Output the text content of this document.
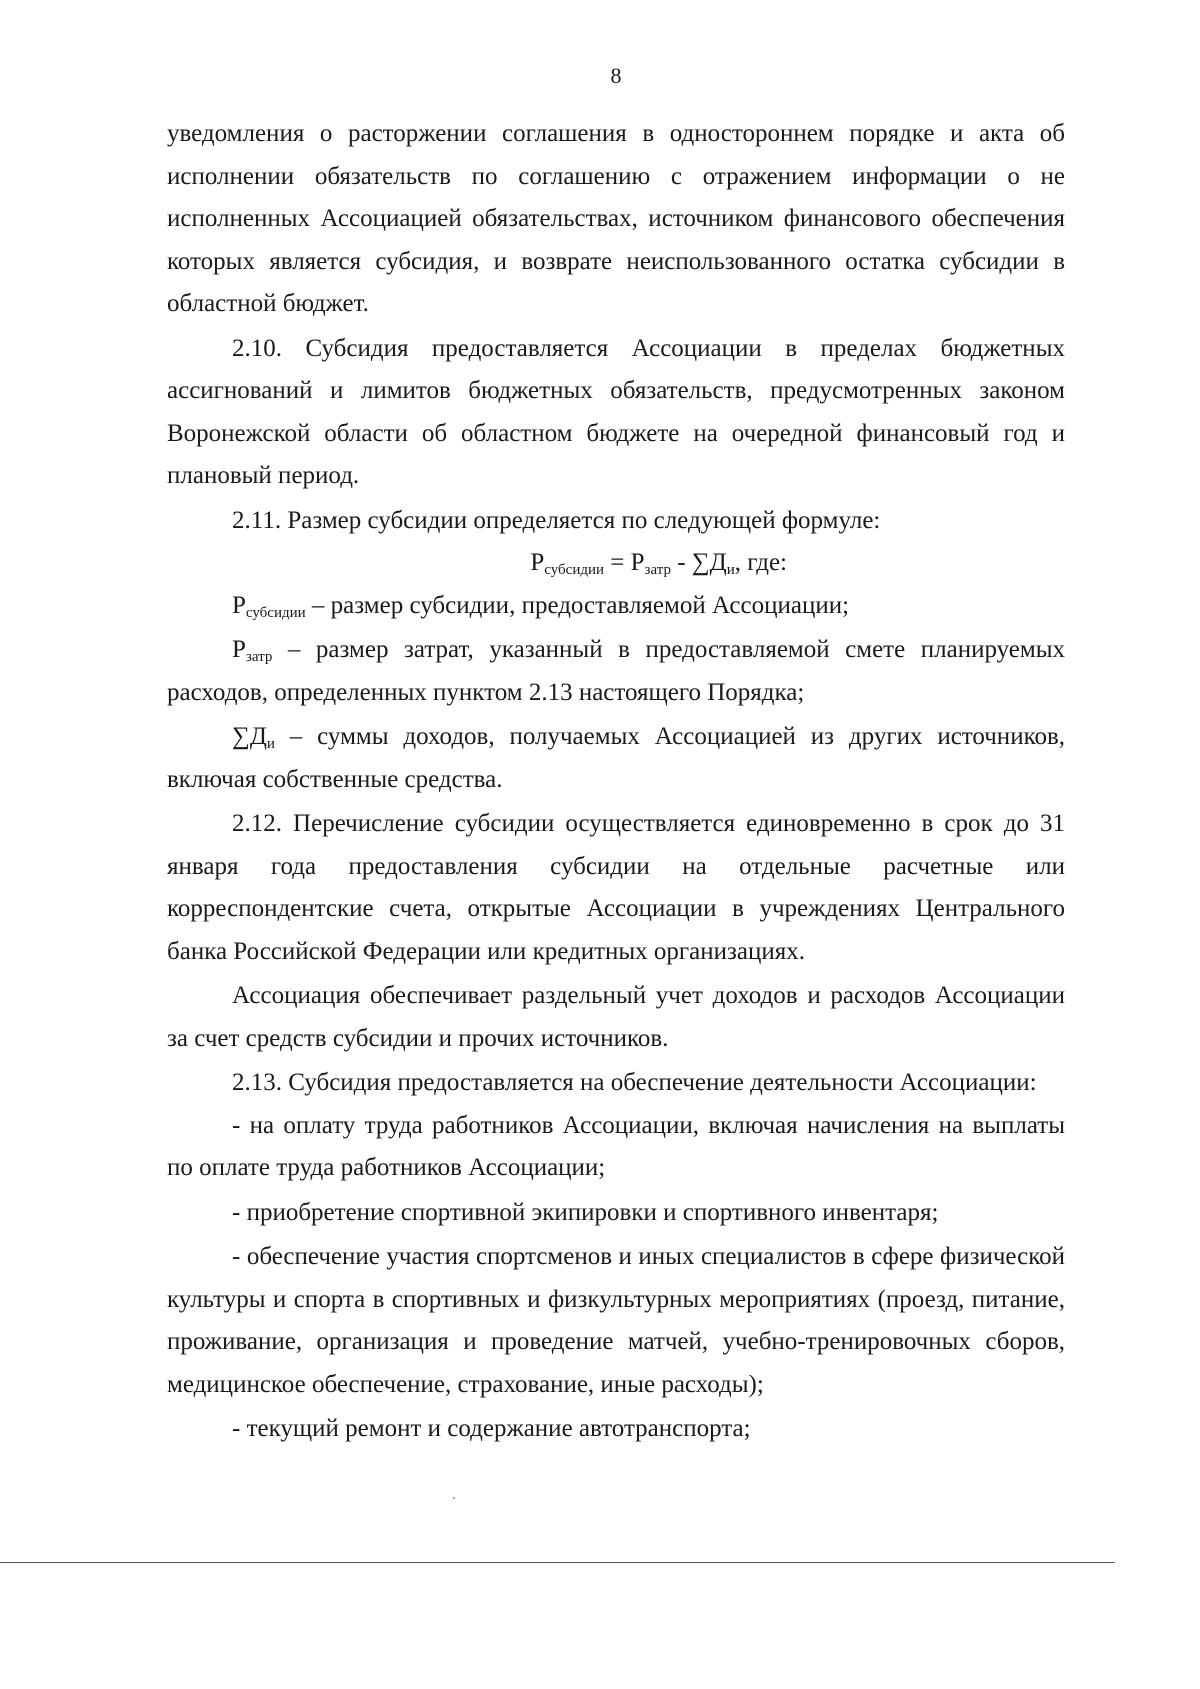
8

уведомления о расторжении соглашения в одностороннем порядке и акта об исполнении обязательств по соглашению с отражением информации о не исполненных Ассоциацией обязательствах, источником финансового обеспечения которых является субсидия, и возврате неиспользованного остатка субсидии в областной бюджет.

2.10. Субсидия предоставляется Ассоциации в пределах бюджетных ассигнований и лимитов бюджетных обязательств, предусмотренных законом Воронежской области об областном бюджете на очередной финансовый год и плановый период.

2.11. Размер субсидии определяется по следующей формуле:

$Р_{субсидии} = Р_{затр} - \sum Д_и$, где:

$Р_{субсидии}$ – размер субсидии, предоставляемой Ассоциации;

$Р_{затр}$ – размер затрат, указанный в предоставляемой смете планируемых расходов, определенных пунктом 2.13 настоящего Порядка;

$\sum Д_и$ – суммы доходов, получаемых Ассоциацией из других источников, включая собственные средства.

2.12. Перечисление субсидии осуществляется единовременно в срок до 31 января года предоставления субсидии на отдельные расчетные или корреспондентские счета, открытые Ассоциации в учреждениях Центрального банка Российской Федерации или кредитных организациях.

Ассоциация обеспечивает раздельный учет доходов и расходов Ассоциации за счет средств субсидии и прочих источников.

2.13. Субсидия предоставляется на обеспечение деятельности Ассоциации:

- на оплату труда работников Ассоциации, включая начисления на выплаты по оплате труда работников Ассоциации;

- приобретение спортивной экипировки и спортивного инвентаря;

- обеспечение участия спортсменов и иных специалистов в сфере физической культуры и спорта в спортивных и физкультурных мероприятиях (проезд, питание, проживание, организация и проведение матчей, учебно-тренировочных сборов, медицинское обеспечение, страхование, иные расходы);

- текущий ремонт и содержание автотранспорта;
